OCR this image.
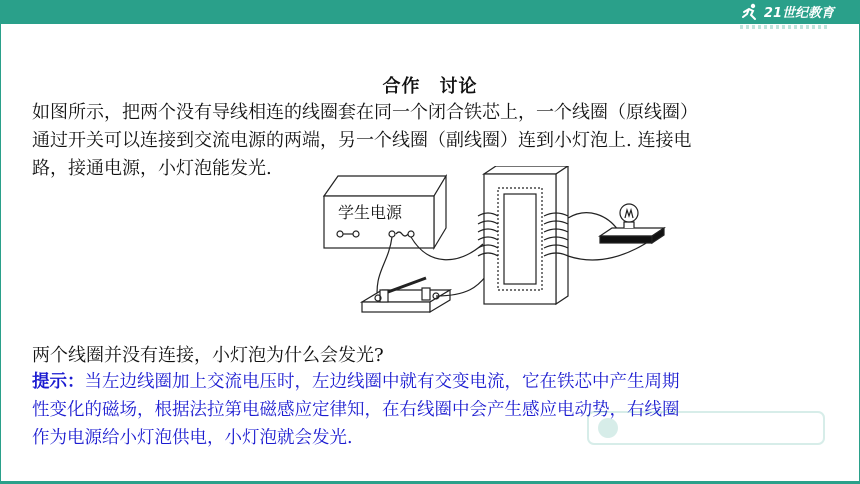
21世纪教育
合作　讨论
如图所示，把两个没有导线相连的线圈套在同一个闭合铁芯上，一个线圈（原线圈）
通过开关可以连接到交流电源的两端，另一个线圈（副线圈）连到小灯泡上. 连接电
路，接通电源，小灯泡能发光.
学生电源
两个线圈并没有连接，小灯泡为什么会发光?
提示：当左边线圈加上交流电压时，左边线圈中就有交变电流，它在铁芯中产生周期
性变化的磁场，根据法拉第电磁感应定律知，在右线圈中会产生感应电动势，右线圈
作为电源给小灯泡供电，小灯泡就会发光.
